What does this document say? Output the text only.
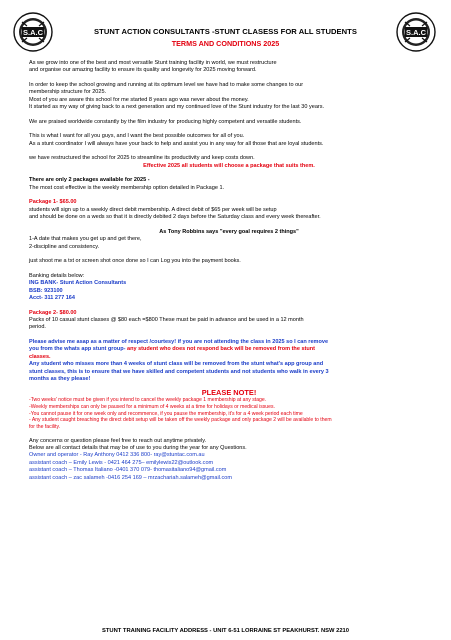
S.A.C	S.A.C
STUNT ACTION CONSULTANTS -STUNT CLASESS FOR ALL STUDENTS
TERMS AND CONDITIONS 2025

As we grow into one of the best and most versatile Stunt training facility in world, we must restructure

and organise our amazing facility to ensure its quality and longevity for 2025 moving forward.

In order to keep the school growing and running at its optimum level we have had to make some changes to our

membership structure for 2025.

Most of you are aware this school for me started 8 years ago was never about the money.

It started as my way of giving back to a next generation and my continued love of the Stunt industry for the last 30 years.

We are praised worldwide constantly by the film industry for producing highly competent and versatile students.

This is what I want for all you guys, and I want the best possible outcomes for all of you.

As a stunt coordinator I will always have your back to help and assist you in any way for all those that are loyal students.

we have restructured the school for 2025 to streamline its productivity and keep costs down.

Effective 2025 all students will choose a package that suits them.

There are only 2 packages available for 2025 -

The most cost effective is the weekly membership option detailed in Package 1.

Package 1- $65.00

students will sign up to a weekly direct debit membership. A direct debit of $65 per week will be setup

and should be done on a weds so that it is directly debited 2 days before the Saturday class and every week thereafter.

As Tony Robbins says "every goal requires 2 things"

1-A date that makes you get up and get there,

2-discipline and consistency.

just shoot me a txt or screen shot once done so I can Log you into the payment books.

Banking details below:

ING BANK- Stunt Action Consultants

BSB: 923100

Acct- 311 277 164

Package 2- $80.00

Packs of 10 casual stunt classes @ $80 each =$800 These must be paid in advance and be used in a 12 month

period.

Please advise me asap as a matter of respect /courtesy! if you are not attending the class in 2025 so I can remove

you from the whats app stunt group- any student who does not respond back will be removed from the stunt

classes.

Any student who misses more than 4 weeks of stunt class will be removed from the stunt what's app group and

stunt classes, this is to ensure that we have skilled and competent students and not students who walk in every 3

months as they please!

PLEASE NOTE!

-Two weeks' notice must be given if you intend to cancel the weekly package 1 membership at any stage.

-Weekly memberships can only be paused for a minimum of 4 weeks at a time for holidays or medical issues.

-You cannot pause it for one week only and recommence, if you pause the membership, it's for a 4 week period each time

- Any student caught breaching the direct debit setup will be taken off the weekly package and only package 2 will be available to them

for the facility.

Any concerns or question please feel free to reach out anytime privately.

Below are all contact details that may be of use to you during the year for any Questions.

Owner and operator - Ray Anthony 0412 336 800- ray@stuntac.com.au

assistant coach – Emily Lewis - 0421 464 275– emilylewis22@outlook.com

assistant coach – Thomas Italiano -0401 370 079- thomasitaliano94@gmail.com

assistant coach – zac salameh -0416 254 169 – mrzachariah.salameh@gmail.com

STUNT TRAINING FACILITY ADDRESS - UNIT 6-51 LORRAINE ST PEAKHURST. NSW 2210
